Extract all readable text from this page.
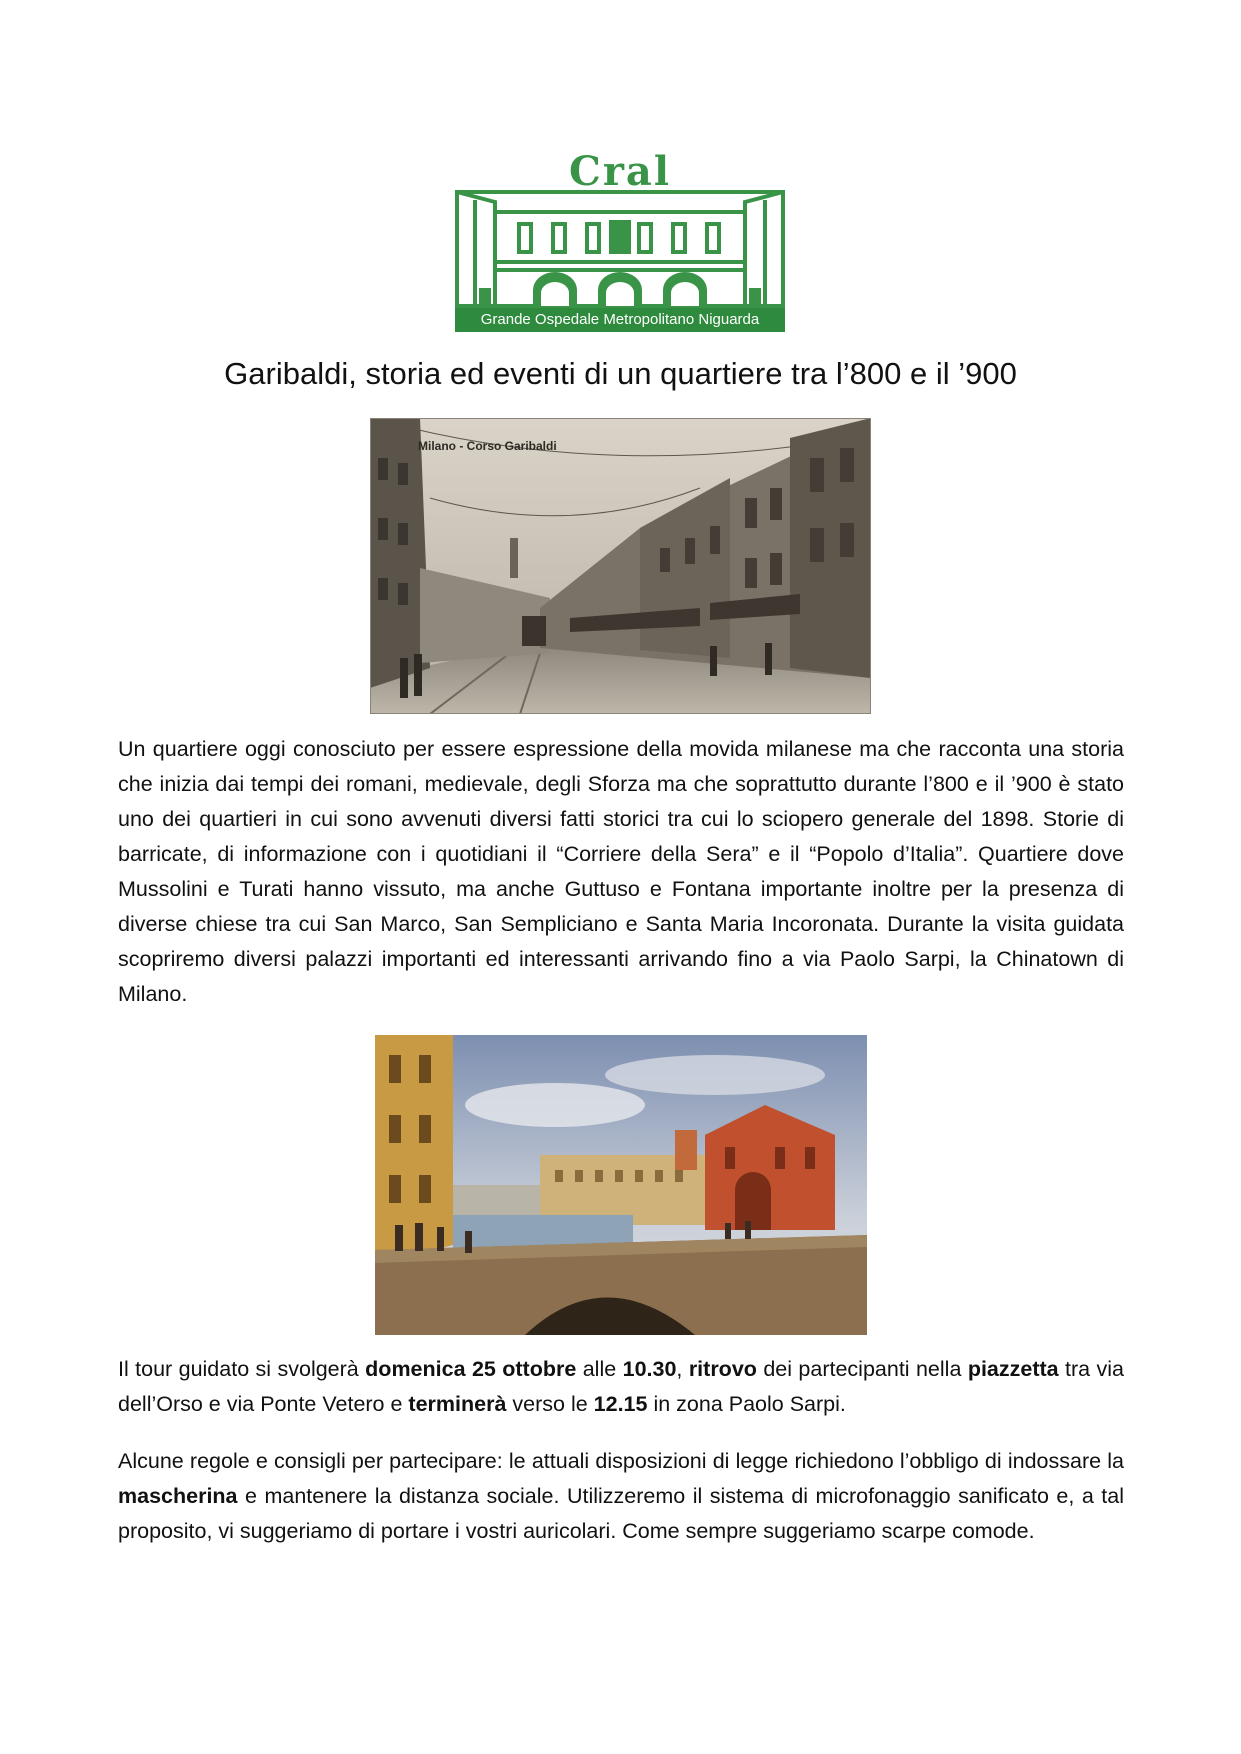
Cral
Grande Ospedale Metropolitano Niguarda
Garibaldi, storia ed eventi di un quartiere tra l’800 e il ’900
Milano - Corso Garibaldi

Un quartiere oggi conosciuto per essere espressione della movida milanese ma che racconta una storia che inizia dai tempi dei romani, medievale, degli Sforza ma che soprattutto durante l’800 e il ’900 è stato uno dei quartieri in cui sono avvenuti diversi fatti storici tra cui lo sciopero generale del 1898. Storie di barricate, di informazione con i quotidiani il “Corriere della Sera” e il “Popolo d’Italia”. Quartiere dove Mussolini e Turati hanno vissuto, ma anche Guttuso e Fontana importante inoltre per la presenza di diverse chiese tra cui San Marco, San Sempliciano e Santa Maria Incoronata. Durante la visita guidata scopriremo diversi palazzi importanti ed interessanti arrivando fino a via Paolo Sarpi, la Chinatown di Milano.

Il tour guidato si svolgerà domenica 25 ottobre alle 10.30, ritrovo dei partecipanti nella piazzetta tra via dell’Orso e via Ponte Vetero e terminerà verso le 12.15 in zona Paolo Sarpi.

Alcune regole e consigli per partecipare: le attuali disposizioni di legge richiedono l’obbligo di indossare la mascherina e mantenere la distanza sociale. Utilizzeremo il sistema di microfonaggio sanificato e, a tal proposito, vi suggeriamo di portare i vostri auricolari. Come sempre suggeriamo scarpe comode.
